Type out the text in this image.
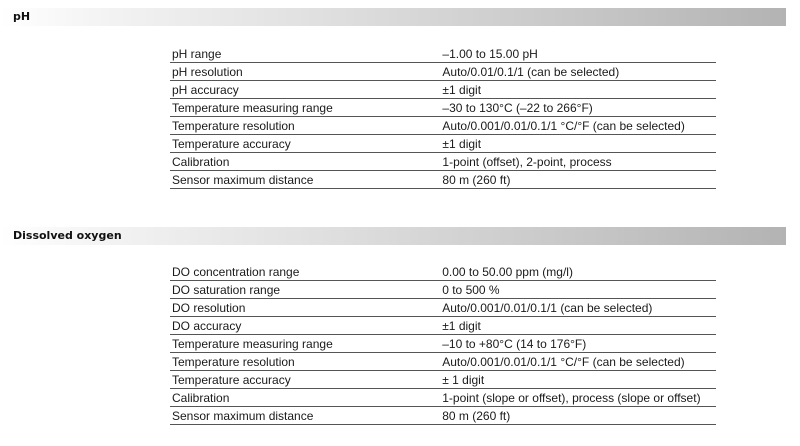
pH
pH range	–1.00 to 15.00 pH
pH resolution	Auto/0.01/0.1/1 (can be selected)
pH accuracy	±1 digit
Temperature measuring range	–30 to 130°C (–22 to 266°F)
Temperature resolution	Auto/0.001/0.01/0.1/1 °C/°F (can be selected)
Temperature accuracy	±1 digit
Calibration	1-point (offset), 2-point, process
Sensor maximum distance	80 m (260 ft)
Dissolved oxygen
DO concentration range	0.00 to 50.00 ppm (mg/l)
DO saturation range	0 to 500 %
DO resolution	Auto/0.001/0.01/0.1/1 (can be selected)
DO accuracy	±1 digit
Temperature measuring range	–10 to +80°C (14 to 176°F)
Temperature resolution	Auto/0.001/0.01/0.1/1 °C/°F (can be selected)
Temperature accuracy	± 1 digit
Calibration	1-point (slope or offset), process (slope or offset)
Sensor maximum distance	80 m (260 ft)
